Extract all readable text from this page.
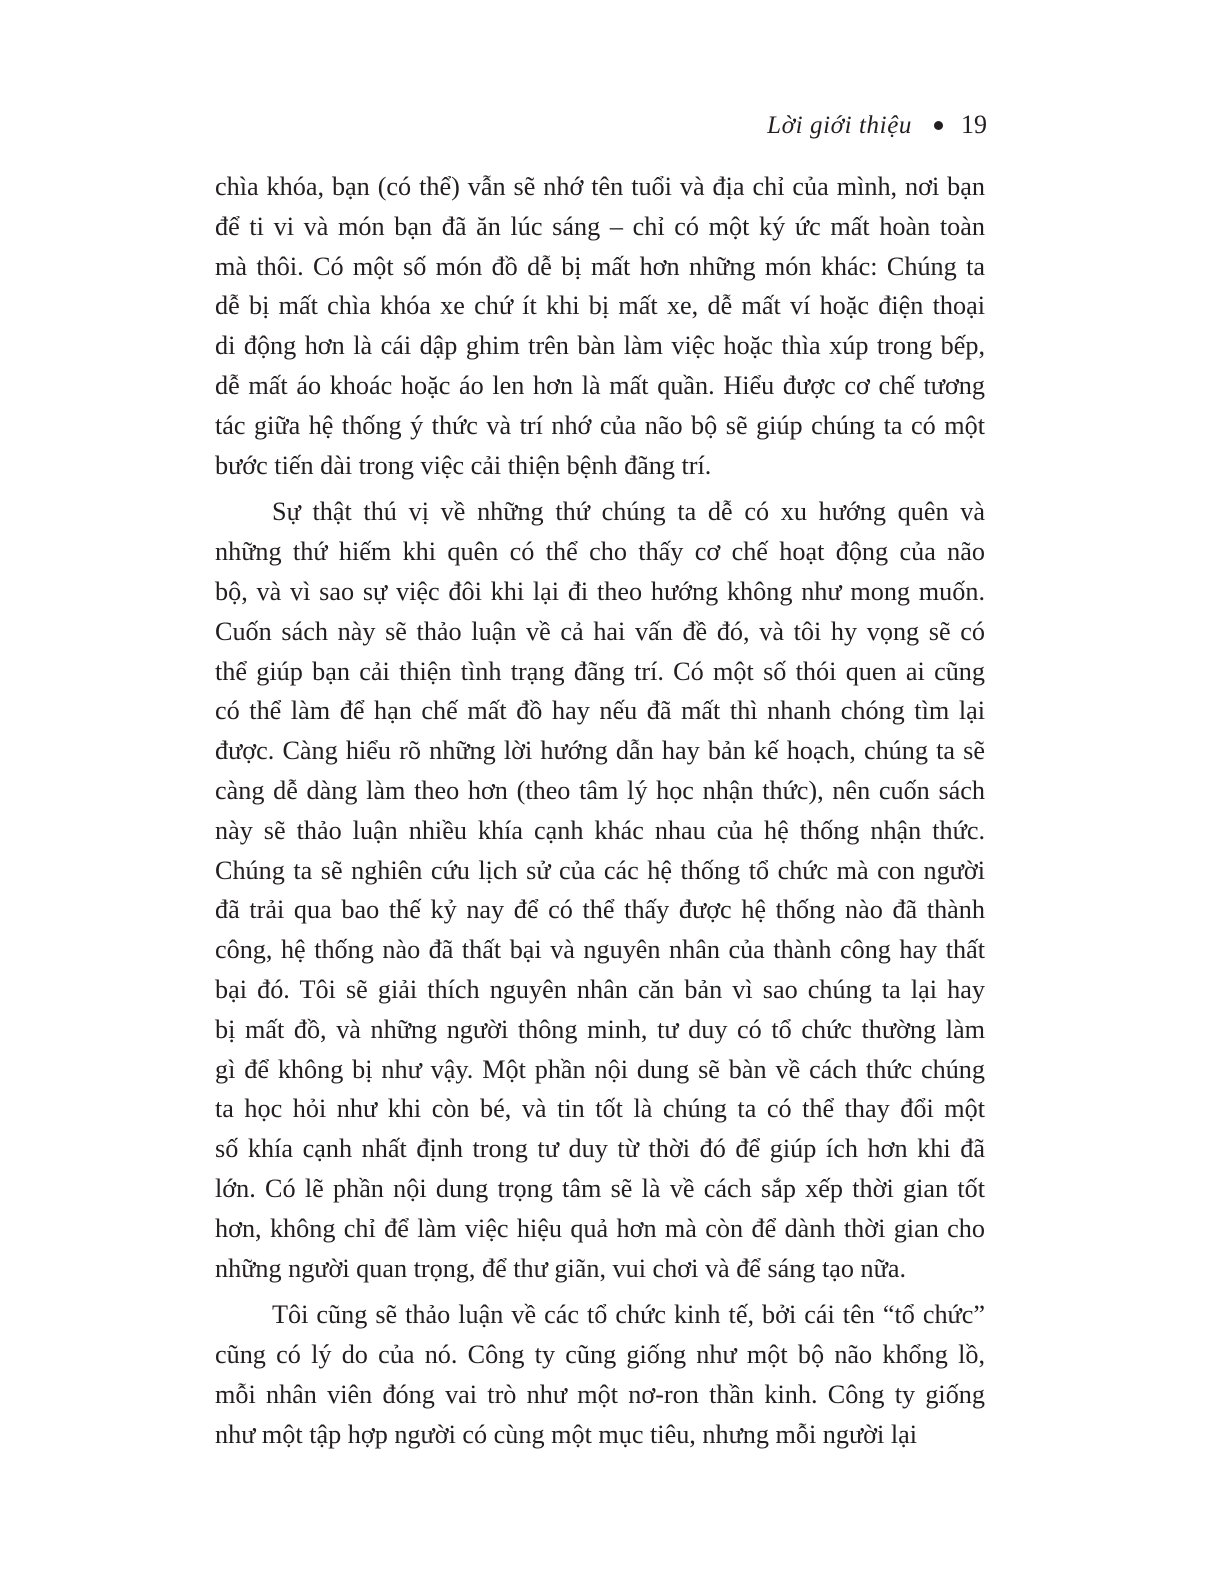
Lời giới thiệu 19
chìa khóa, bạn (có thể) vẫn sẽ nhớ tên tuổi và địa chỉ của mình, nơi bạn
để ti vi và món bạn đã ăn lúc sáng – chỉ có một ký ức mất hoàn toàn
mà thôi. Có một số món đồ dễ bị mất hơn những món khác: Chúng ta
dễ bị mất chìa khóa xe chứ ít khi bị mất xe, dễ mất ví hoặc điện thoại
di động hơn là cái dập ghim trên bàn làm việc hoặc thìa xúp trong bếp,
dễ mất áo khoác hoặc áo len hơn là mất quần. Hiểu được cơ chế tương
tác giữa hệ thống ý thức và trí nhớ của não bộ sẽ giúp chúng ta có một
bước tiến dài trong việc cải thiện bệnh đãng trí.
Sự thật thú vị về những thứ chúng ta dễ có xu hướng quên và
những thứ hiếm khi quên có thể cho thấy cơ chế hoạt động của não
bộ, và vì sao sự việc đôi khi lại đi theo hướng không như mong muốn.
Cuốn sách này sẽ thảo luận về cả hai vấn đề đó, và tôi hy vọng sẽ có
thể giúp bạn cải thiện tình trạng đãng trí. Có một số thói quen ai cũng
có thể làm để hạn chế mất đồ hay nếu đã mất thì nhanh chóng tìm lại
được. Càng hiểu rõ những lời hướng dẫn hay bản kế hoạch, chúng ta sẽ
càng dễ dàng làm theo hơn (theo tâm lý học nhận thức), nên cuốn sách
này sẽ thảo luận nhiều khía cạnh khác nhau của hệ thống nhận thức.
Chúng ta sẽ nghiên cứu lịch sử của các hệ thống tổ chức mà con người
đã trải qua bao thế kỷ nay để có thể thấy được hệ thống nào đã thành
công, hệ thống nào đã thất bại và nguyên nhân của thành công hay thất
bại đó. Tôi sẽ giải thích nguyên nhân căn bản vì sao chúng ta lại hay
bị mất đồ, và những người thông minh, tư duy có tổ chức thường làm
gì để không bị như vậy. Một phần nội dung sẽ bàn về cách thức chúng
ta học hỏi như khi còn bé, và tin tốt là chúng ta có thể thay đổi một
số khía cạnh nhất định trong tư duy từ thời đó để giúp ích hơn khi đã
lớn. Có lẽ phần nội dung trọng tâm sẽ là về cách sắp xếp thời gian tốt
hơn, không chỉ để làm việc hiệu quả hơn mà còn để dành thời gian cho
những người quan trọng, để thư giãn, vui chơi và để sáng tạo nữa.
Tôi cũng sẽ thảo luận về các tổ chức kinh tế, bởi cái tên “tổ chức”
cũng có lý do của nó. Công ty cũng giống như một bộ não khổng lồ,
mỗi nhân viên đóng vai trò như một nơ-ron thần kinh. Công ty giống
như một tập hợp người có cùng một mục tiêu, nhưng mỗi người lại
